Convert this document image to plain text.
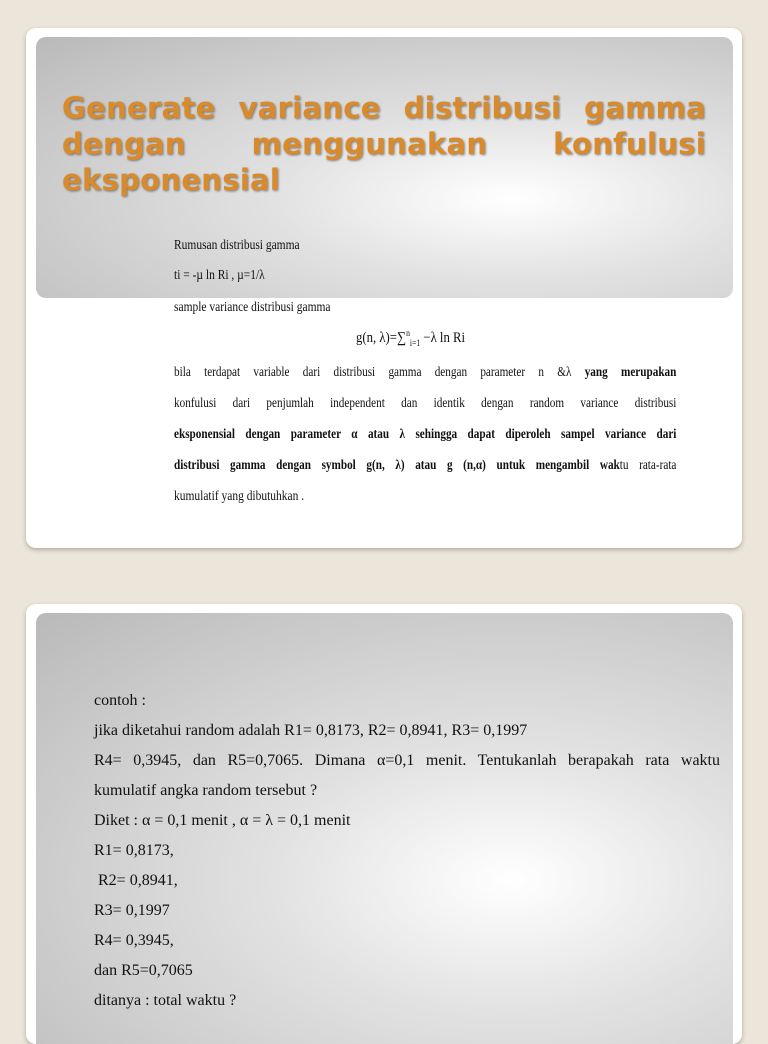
Generate variance distribusi gamma dengan menggunakan konfulusi eksponensial
Rumusan distribusi gamma
ti = -µ ln Ri , µ=1/λ
sample variance distribusi gamma
g(n, λ)=∑$^n_{i=1}$ −λ ln Ri
bila terdapat variable dari distribusi gamma dengan parameter n &λ yang merupakan
konfulusi dari penjumlah independent dan identik dengan random variance distribusi
eksponensial dengan parameter α atau λ sehingga dapat diperoleh sampel variance dari
distribusi gamma dengan symbol g(n, λ) atau g (n,α) untuk mengambil waktu rata-rata
kumulatif yang dibutuhkan .
contoh :
jika diketahui random adalah R1= 0,8173, R2= 0,8941, R3= 0,1997
R4= 0,3945, dan R5=0,7065. Dimana α=0,1 menit. Tentukanlah berapakah rata waktu
kumulatif angka random tersebut ?
Diket : α = 0,1 menit , α = λ = 0,1 menit
R1= 0,8173,
R2= 0,8941,
R3= 0,1997
R4= 0,3945,
dan R5=0,7065
ditanya : total waktu ?
